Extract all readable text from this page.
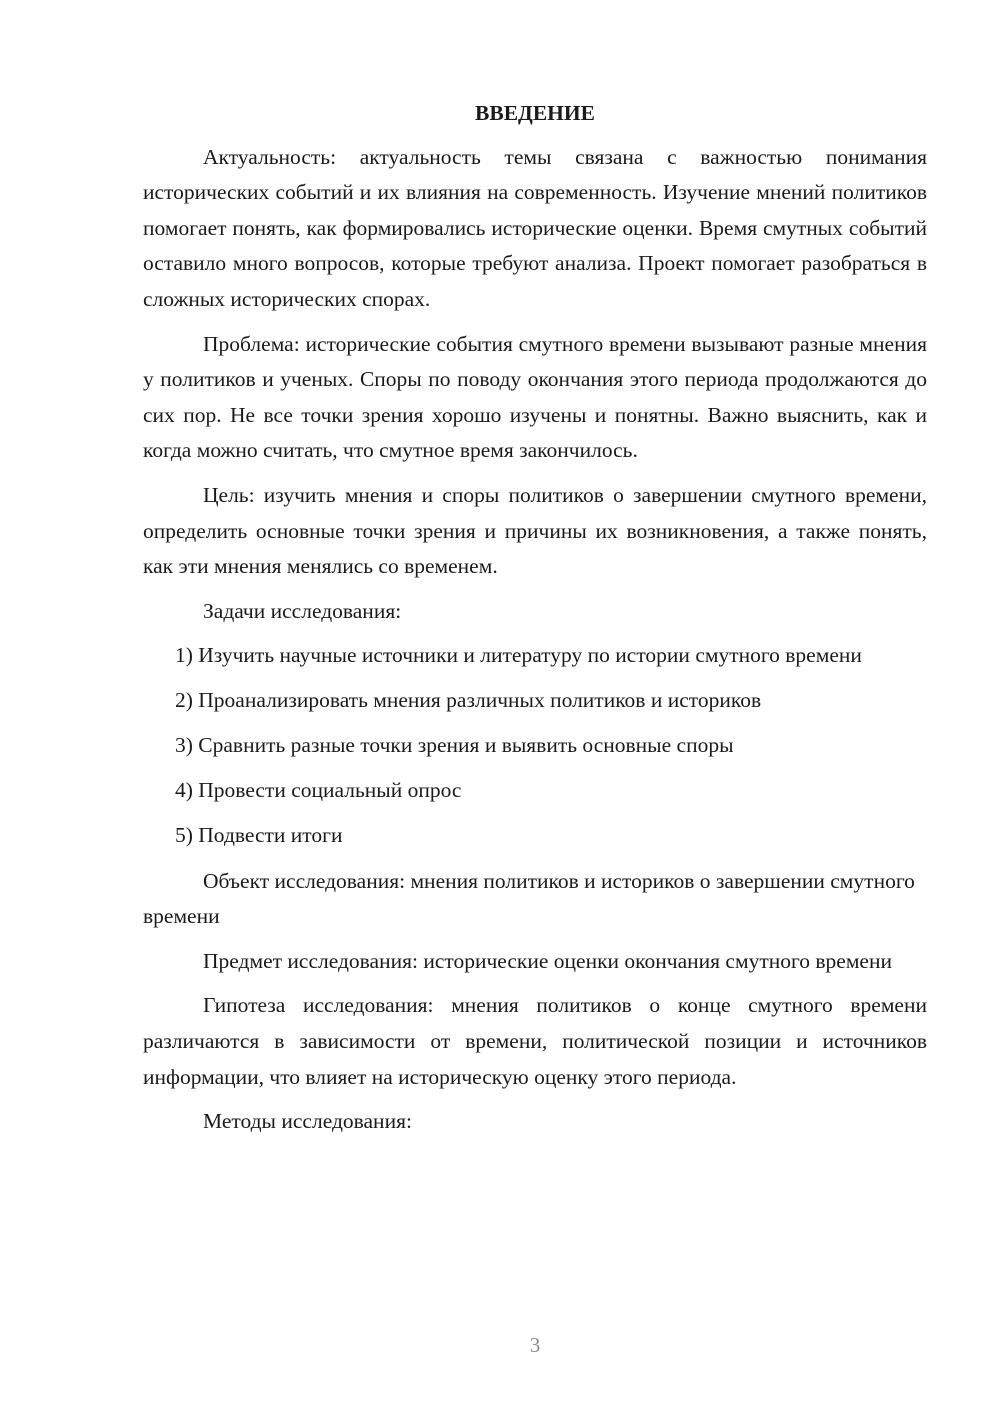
ВВЕДЕНИЕ

Актуальность: актуальность темы связана с важностью понимания исторических событий и их влияния на современность. Изучение мнений политиков помогает понять, как формировались исторические оценки. Время смутных событий оставило много вопросов, которые требуют анализа. Проект помогает разобраться в сложных исторических спорах.

Проблема: исторические события смутного времени вызывают разные мнения у политиков и ученых. Споры по поводу окончания этого периода продолжаются до сих пор. Не все точки зрения хорошо изучены и понятны. Важно выяснить, как и когда можно считать, что смутное время закончилось.

Цель: изучить мнения и споры политиков о завершении смутного времени, определить основные точки зрения и причины их возникновения, а также понять, как эти мнения менялись со временем.

Задачи исследования:

1) Изучить научные источники и литературу по истории смутного времени

2) Проанализировать мнения различных политиков и историков

3) Сравнить разные точки зрения и выявить основные споры

4) Провести социальный опрос

5) Подвести итоги

Объект исследования: мнения политиков и историков о завершении смутного времени

Предмет исследования: исторические оценки окончания смутного времени

Гипотеза исследования: мнения политиков о конце смутного времени различаются в зависимости от времени, политической позиции и источников информации, что влияет на историческую оценку этого периода.

Методы исследования:

3
